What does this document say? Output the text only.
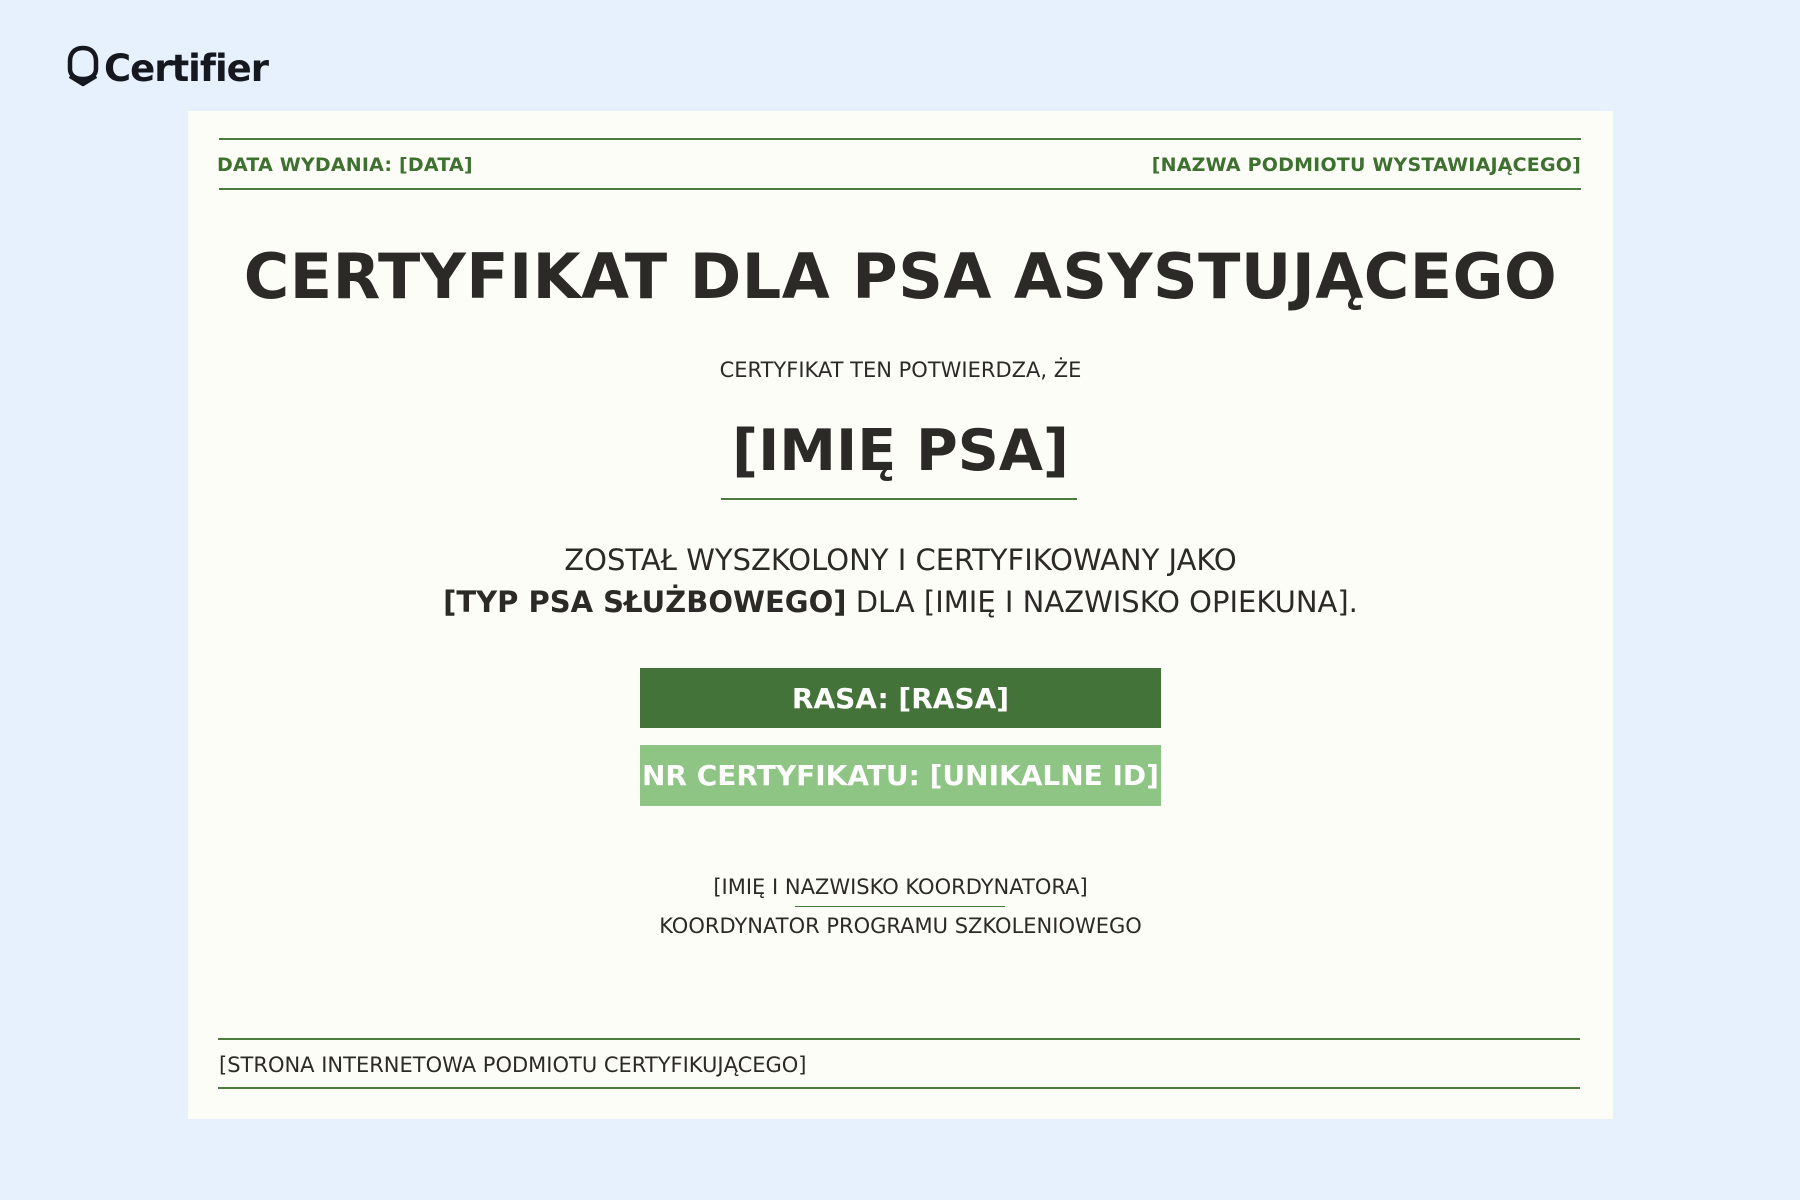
Certifier
DATA WYDANIA: [DATA]	[NAZWA PODMIOTU WYSTAWIAJĄCEGO]
CERTYFIKAT DLA PSA ASYSTUJĄCEGO
CERTYFIKAT TEN POTWIERDZA, ŻE
[IMIĘ PSA]
ZOSTAŁ WYSZKOLONY I CERTYFIKOWANY JAKO
[TYP PSA SŁUŻBOWEGO] DLA [IMIĘ I NAZWISKO OPIEKUNA].
RASA: [RASA]
NR CERTYFIKATU: [UNIKALNE ID]
[IMIĘ I NAZWISKO KOORDYNATORA]
KOORDYNATOR PROGRAMU SZKOLENIOWEGO
[STRONA INTERNETOWA PODMIOTU CERTYFIKUJĄCEGO]
